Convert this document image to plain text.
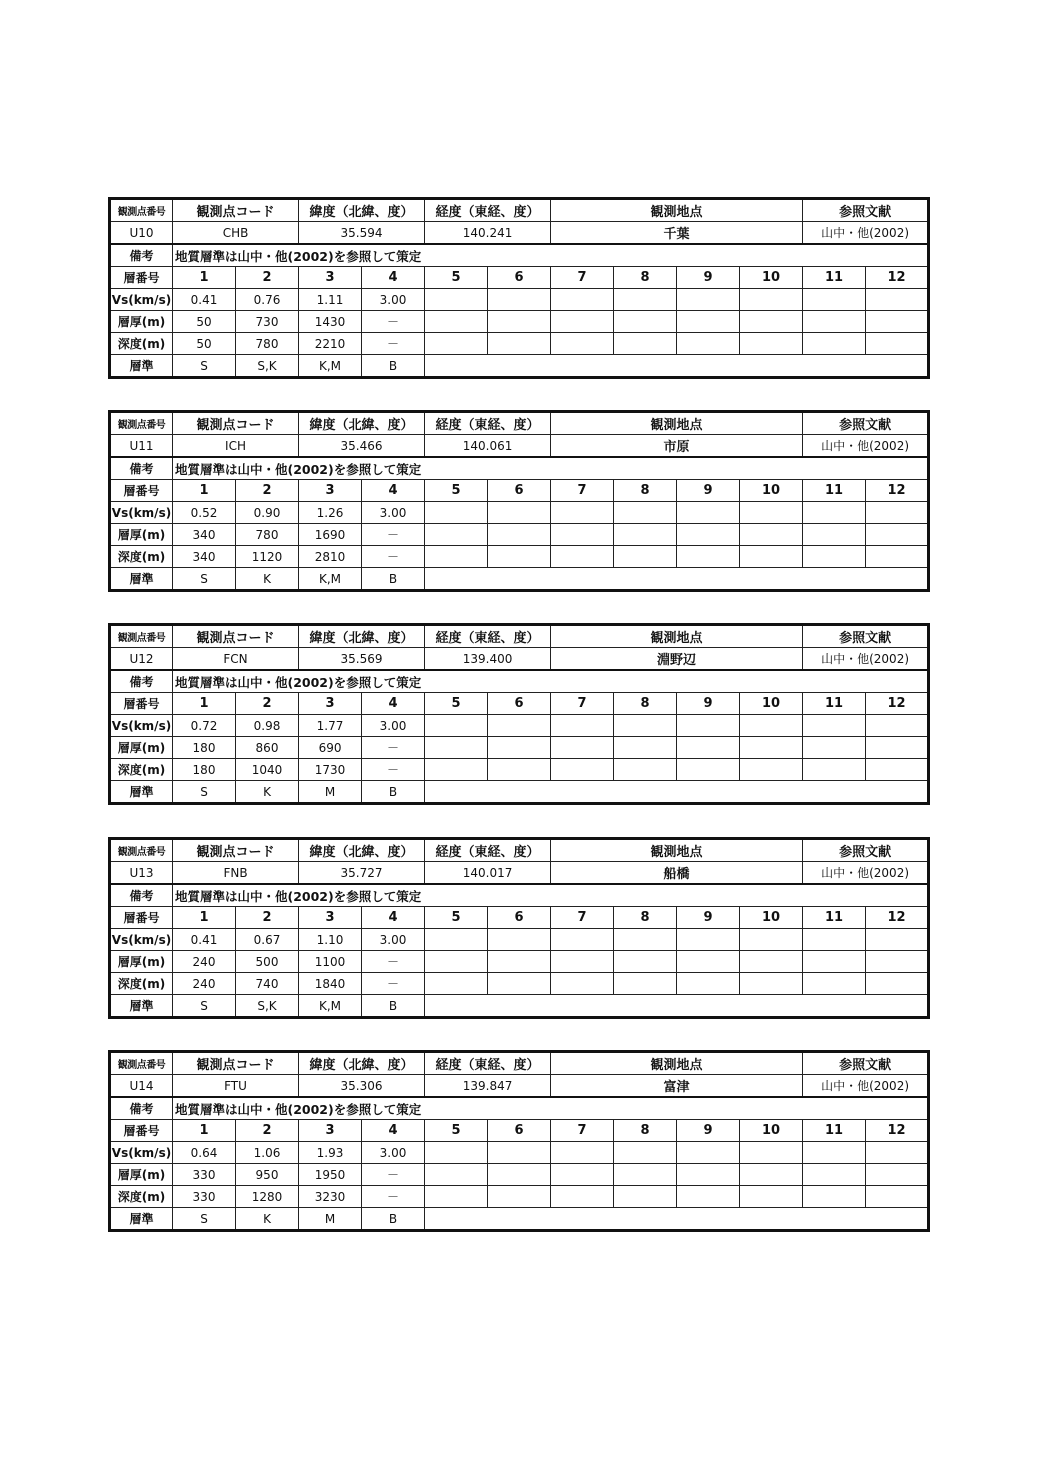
観測点番号	観測点コード		緯度（北緯、度）		経度（東経、度）		観測地点				参照文献	
U10	CHB		35.594		140.241		千葉				山中・他(2002)	
備考	地質層準は山中・他(2002)を参照して策定											
層番号	1	2	3	4	5	6	7	8	9	10	11	12
Vs(km/s)	0.41	0.76	1.11	3.00								
層厚(m)	50	730	1430	－								
深度(m)	50	780	2210	－								
層準	S	S,K	K,M	B								
観測点番号	観測点コード		緯度（北緯、度）		経度（東経、度）		観測地点				参照文献	
U11	ICH		35.466		140.061		市原				山中・他(2002)	
備考	地質層準は山中・他(2002)を参照して策定											
層番号	1	2	3	4	5	6	7	8	9	10	11	12
Vs(km/s)	0.52	0.90	1.26	3.00								
層厚(m)	340	780	1690	－								
深度(m)	340	1120	2810	－								
層準	S	K	K,M	B								
観測点番号	観測点コード		緯度（北緯、度）		経度（東経、度）		観測地点				参照文献	
U12	FCN		35.569		139.400		淵野辺				山中・他(2002)	
備考	地質層準は山中・他(2002)を参照して策定											
層番号	1	2	3	4	5	6	7	8	9	10	11	12
Vs(km/s)	0.72	0.98	1.77	3.00								
層厚(m)	180	860	690	－								
深度(m)	180	1040	1730	－								
層準	S	K	M	B								
観測点番号	観測点コード		緯度（北緯、度）		経度（東経、度）		観測地点				参照文献	
U13	FNB		35.727		140.017		船橋				山中・他(2002)	
備考	地質層準は山中・他(2002)を参照して策定											
層番号	1	2	3	4	5	6	7	8	9	10	11	12
Vs(km/s)	0.41	0.67	1.10	3.00								
層厚(m)	240	500	1100	－								
深度(m)	240	740	1840	－								
層準	S	S,K	K,M	B								
観測点番号	観測点コード		緯度（北緯、度）		経度（東経、度）		観測地点				参照文献	
U14	FTU		35.306		139.847		富津				山中・他(2002)	
備考	地質層準は山中・他(2002)を参照して策定											
層番号	1	2	3	4	5	6	7	8	9	10	11	12
Vs(km/s)	0.64	1.06	1.93	3.00								
層厚(m)	330	950	1950	－								
深度(m)	330	1280	3230	－								
層準	S	K	M	B								
